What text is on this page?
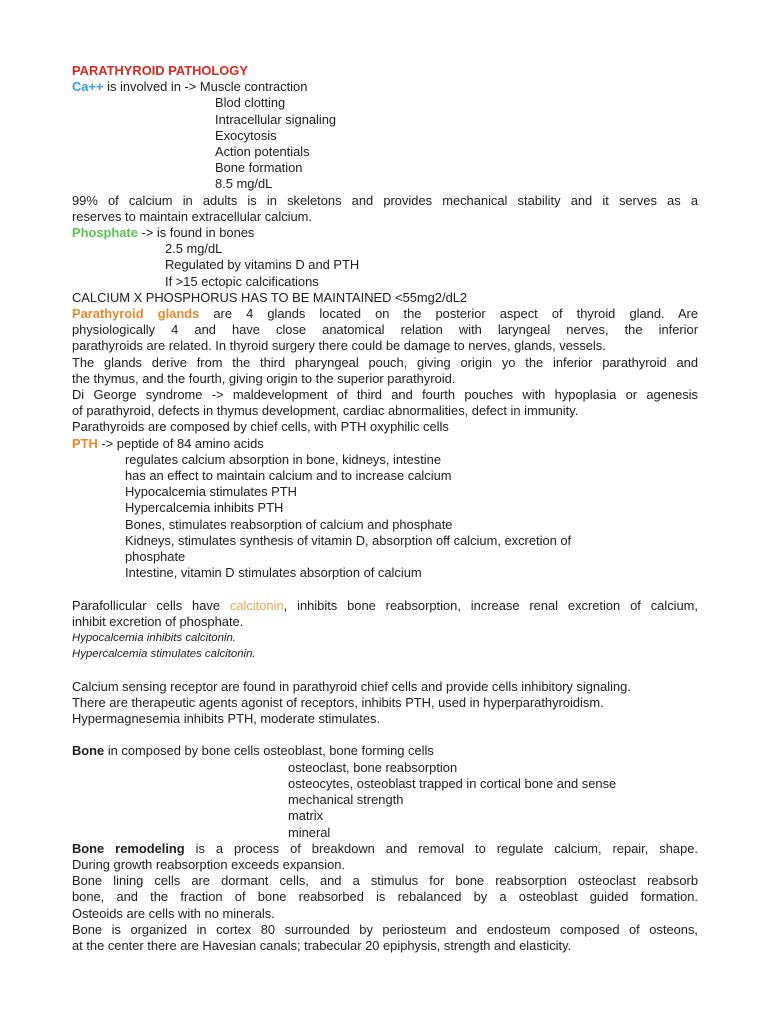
PARATHYROID PATHOLOGY
Ca++ is involved in -> Muscle contraction
Blod clotting
Intracellular signaling
Exocytosis
Action potentials
Bone formation
8.5 mg/dL
99% of calcium in adults is in skeletons and provides mechanical stability and it serves as a
reserves to maintain extracellular calcium.
Phosphate -> is found in bones
2.5 mg/dL
Regulated by vitamins D and PTH
If >15 ectopic calcifications
CALCIUM X PHOSPHORUS HAS TO BE MAINTAINED <55mg2/dL2
Parathyroid glands are 4 glands located on the posterior aspect of thyroid gland. Are
physiologically 4 and have close anatomical relation with laryngeal nerves, the inferior
parathyroids are related. In thyroid surgery there could be damage to nerves, glands, vessels.
The glands derive from the third pharyngeal pouch, giving origin yo the inferior parathyroid and
the thymus, and the fourth, giving origin to the superior parathyroid.
Di George syndrome -> maldevelopment of third and fourth pouches with hypoplasia or agenesis
of parathyroid, defects in thymus development, cardiac abnormalities, defect in immunity.
Parathyroids are composed by chief cells, with PTH oxyphilic cells
PTH -> peptide of 84 amino acids
regulates calcium absorption in bone, kidneys, intestine
has an effect to maintain calcium and to increase calcium
Hypocalcemia stimulates PTH
Hypercalcemia inhibits PTH
Bones, stimulates reabsorption of calcium and phosphate
Kidneys, stimulates synthesis of vitamin D, absorption off calcium, excretion of
phosphate
Intestine, vitamin D stimulates absorption of calcium
Parafollicular cells have calcitonin, inhibits bone reabsorption, increase renal excretion of calcium,
inhibit excretion of phosphate.
Hypocalcemia inhibits calcitonin.
Hypercalcemia stimulates calcitonin.
Calcium sensing receptor are found in parathyroid chief cells and provide cells inhibitory signaling.
There are therapeutic agents agonist of receptors, inhibits PTH, used in hyperparathyroidism.
Hypermagnesemia inhibits PTH, moderate stimulates.
Bone in composed by bone cells osteoblast, bone forming cells
osteoclast, bone reabsorption
osteocytes, osteoblast trapped in cortical bone and sense
mechanical strength
matrix
mineral
Bone remodeling is a process of breakdown and removal to regulate calcium, repair, shape.
During growth reabsorption exceeds expansion.
Bone lining cells are dormant cells, and a stimulus for bone reabsorption osteoclast reabsorb
bone, and the fraction of bone reabsorbed is rebalanced by a osteoblast guided formation.
Osteoids are cells with no minerals.
Bone is organized in cortex 80 surrounded by periosteum and endosteum composed of osteons,
at the center there are Havesian canals; trabecular 20 epiphysis, strength and elasticity.
